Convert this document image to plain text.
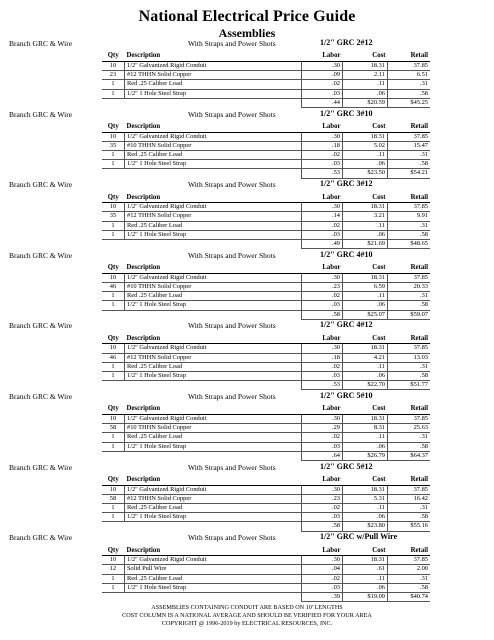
National Electrical Price Guide
Assemblies
Branch GRC & Wire	With Straps and Power Shots	1/2" GRC 2#12
Qty	Description	Labor	Cost	Retail
10	1/2" Galvanized Rigid Conduit	.30	18.31	37.85
23	#12 THHN Solid Copper	.09	2.11	6.51
1	Red .25 Caliber Load	.02	.11	.31
1	1/2" 1 Hole Steel Strap	.03	.06	.58
		.44	$20.59	$45.25
Branch GRC & Wire	With Straps and Power Shots	1/2" GRC 3#10
Qty	Description	Labor	Cost	Retail
10	1/2" Galvanized Rigid Conduit	.30	18.31	37.85
35	#10 THHN Solid Copper	.18	5.02	15.47
1	Red .25 Caliber Load	.02	.11	.31
1	1/2" 1 Hole Steel Strap	.03	.06	.58
		.53	$23.50	$54.21
Branch GRC & Wire	With Straps and Power Shots	1/2" GRC 3#12
Qty	Description	Labor	Cost	Retail
10	1/2" Galvanized Rigid Conduit	.30	18.31	37.85
35	#12 THHN Solid Copper	.14	3.21	9.91
1	Red .25 Caliber Load	.02	.11	.31
1	1/2" 1 Hole Steel Strap	.03	.06	.58
		.49	$21.69	$48.65
Branch GRC & Wire	With Straps and Power Shots	1/2" GRC 4#10
Qty	Description	Labor	Cost	Retail
10	1/2" Galvanized Rigid Conduit	.30	18.31	37.85
46	#10 THHN Solid Copper	.23	6.59	20.33
1	Red .25 Caliber Load	.02	.11	.31
1	1/2" 1 Hole Steel Strap	.03	.06	.58
		.58	$25.07	$59.07
Branch GRC & Wire	With Straps and Power Shots	1/2" GRC 4#12
Qty	Description	Labor	Cost	Retail
10	1/2" Galvanized Rigid Conduit	.30	18.31	37.85
46	#12 THHN Solid Copper	.18	4.21	13.03
1	Red .25 Caliber Load	.02	.11	.31
1	1/2" 1 Hole Steel Strap	.03	.06	.58
		.53	$22.70	$51.77
Branch GRC & Wire	With Straps and Power Shots	1/2" GRC 5#10
Qty	Description	Labor	Cost	Retail
10	1/2" Galvanized Rigid Conduit	.30	18.31	37.85
58	#10 THHN Solid Copper	.29	8.31	25.63
1	Red .25 Caliber Load	.02	.11	.31
1	1/2" 1 Hole Steel Strap	.03	.06	.58
		.64	$26.79	$64.37
Branch GRC & Wire	With Straps and Power Shots	1/2" GRC 5#12
Qty	Description	Labor	Cost	Retail
10	1/2" Galvanized Rigid Conduit	.30	18.31	37.85
58	#12 THHN Solid Copper	.23	5.31	16.42
1	Red .25 Caliber Load	.02	.11	.31
1	1/2" 1 Hole Steel Strap	.03	.06	.58
		.58	$23.80	$55.16
Branch GRC & Wire	With Straps and Power Shots	1/2" GRC w/Pull Wire
Qty	Description	Labor	Cost	Retail
10	1/2" Galvanized Rigid Conduit	.30	18.31	37.85
12	Solid Pull Wire	.04	.61	2.00
1	Red .25 Caliber Load	.02	.11	.31
1	1/2" 1 Hole Steel Strap	.03	.06	.58
		.39	$19.09	$40.74
ASSEMBLIES CONTAINING CONDUIT ARE BASED ON 10' LENGTHS
COST COLUMN IS A NATIONAL AVERAGE AND SHOULD BE VERIFIED FOR YOUR AREA
COPYRIGHT @ 1996-2019 by ELECTRICAL RESOURCES, INC.
